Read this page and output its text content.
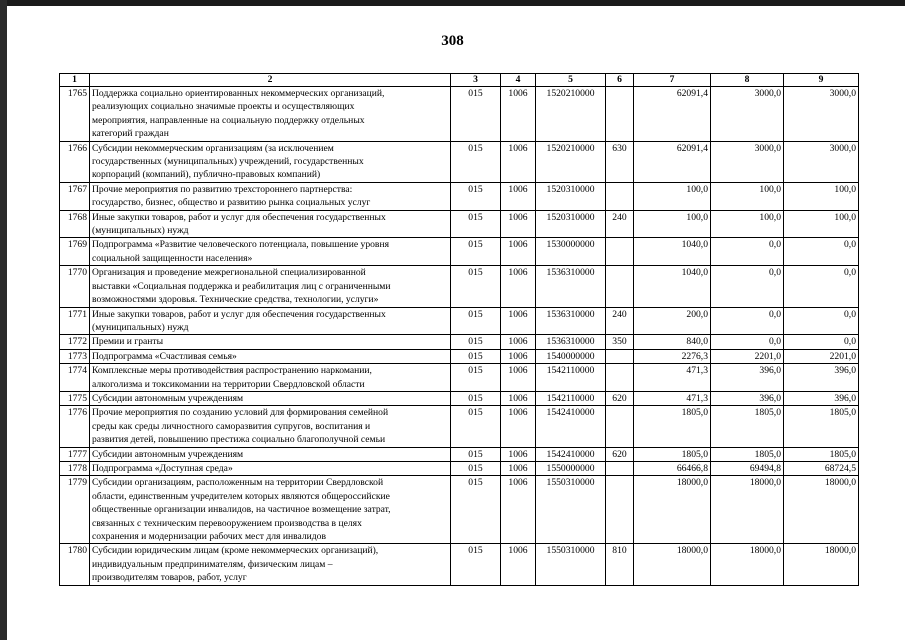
308
1	2	3	4	5	6	7	8	9
1765	Поддержка социально ориентированных некоммерческих организаций,
реализующих социально значимые проекты и осуществляющих
мероприятия, направленные на социальную поддержку отдельных
категорий граждан	015	1006	1520210000		62091,4	3000,0	3000,0
1766	Субсидии некоммерческим организациям (за исключением
государственных (муниципальных) учреждений, государственных
корпораций (компаний), публично-правовых компаний)	015	1006	1520210000	630	62091,4	3000,0	3000,0
1767	Прочие мероприятия по развитию трехстороннего партнерства:
государство, бизнес, общество и развитию рынка социальных услуг	015	1006	1520310000		100,0	100,0	100,0
1768	Иные закупки товаров, работ и услуг для обеспечения государственных
(муниципальных) нужд	015	1006	1520310000	240	100,0	100,0	100,0
1769	Подпрограмма «Развитие человеческого потенциала, повышение уровня
социальной защищенности населения»	015	1006	1530000000		1040,0	0,0	0,0
1770	Организация и проведение межрегиональной специализированной
выставки «Социальная поддержка и реабилитация лиц с ограниченными
возможностями здоровья. Технические средства, технологии, услуги»	015	1006	1536310000		1040,0	0,0	0,0
1771	Иные закупки товаров, работ и услуг для обеспечения государственных
(муниципальных) нужд	015	1006	1536310000	240	200,0	0,0	0,0
1772	Премии и гранты	015	1006	1536310000	350	840,0	0,0	0,0
1773	Подпрограмма «Счастливая семья»	015	1006	1540000000		2276,3	2201,0	2201,0
1774	Комплексные меры противодействия распространению наркомании,
алкоголизма и токсикомании на территории Свердловской области	015	1006	1542110000		471,3	396,0	396,0
1775	Субсидии автономным учреждениям	015	1006	1542110000	620	471,3	396,0	396,0
1776	Прочие мероприятия по созданию условий для формирования семейной
среды как среды личностного саморазвития супругов, воспитания и
развития детей, повышению престижа социально благополучной семьи	015	1006	1542410000		1805,0	1805,0	1805,0
1777	Субсидии автономным учреждениям	015	1006	1542410000	620	1805,0	1805,0	1805,0
1778	Подпрограмма «Доступная среда»	015	1006	1550000000		66466,8	69494,8	68724,5
1779	Субсидии организациям, расположенным на территории Свердловской
области, единственным учредителем которых являются общероссийские
общественные организации инвалидов, на частичное возмещение затрат,
связанных с техническим перевооружением производства в целях
сохранения и модернизации рабочих мест для инвалидов	015	1006	1550310000		18000,0	18000,0	18000,0
1780	Субсидии юридическим лицам (кроме некоммерческих организаций),
индивидуальным предпринимателям, физическим лицам –
производителям товаров, работ, услуг	015	1006	1550310000	810	18000,0	18000,0	18000,0
